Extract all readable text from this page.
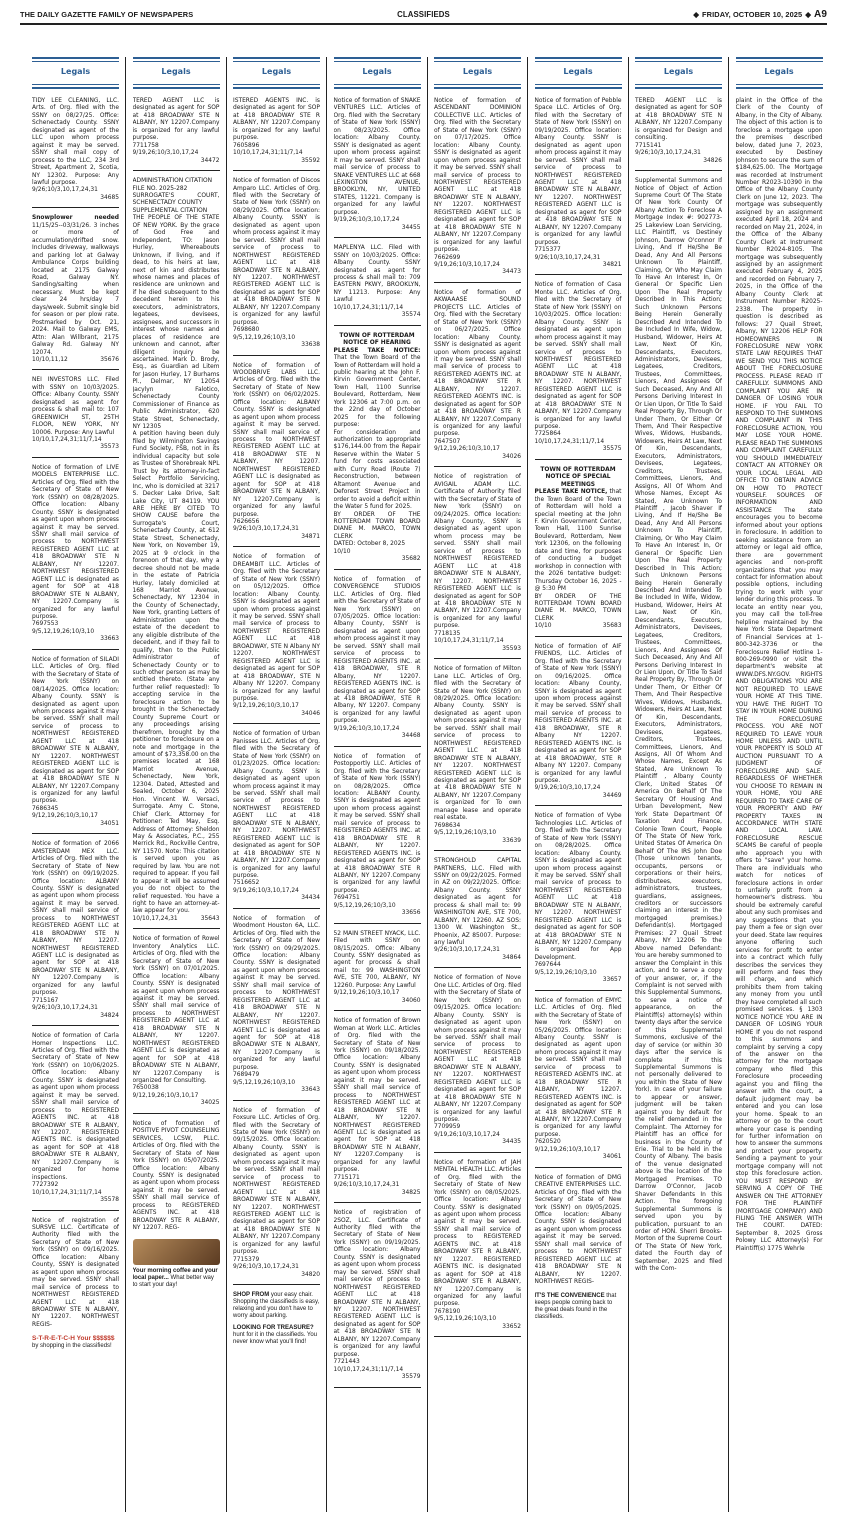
THE DAILY GAZETTE FAMILY OF NEWSPAPERS	CLASSIFIEDS	◆ FRIDAY, OCTOBER 10, 2025 ◆ A9
Legals

TIDY LEE CLEANING, LLC. Arts. of Org. filed with the SSNY on 08/27/25. Office: Schenectady County. SSNY designated as agent of the LLC upon whom process against it may be served. SSNY shall mail copy of process to the LLC, 234 3rd Street, Apartment 2, Scotia, NY 12302. Purpose: Any lawful purpose.

9/26;10/3,10,17,24,31

34685

Snowplower needed 11/15/25--03/31/26. 3 inches or more of accumulation/drifted snow. Includes driveway, walkways and parking lot at Galway Ambulance Corps building located at 2175 Galway Road, Galway NY. Sanding/salting when necessary. Must be kept clear 24 hrs/day 7 days/week. Submit single bid for season or per plow rate. Postmarked by Oct. 21, 2024. Mail to Galway EMS, Attn: Alan Willbrant, 2175 Galway Rd. Galway NY 12074.

10/10,11,12	35676

NEI INVESTORS LLC. Filed with SSNY on 10/03/2025. Office: Albany County. SSNY designated as agent for process & shall mail to: 107 GREENWICH ST, 25TH FLOOR, NEW YORK, NY 10006. Purpose: Any Lawful

10/10,17,24,31;11/7,14

35573

Notice of formation of LIVE MODELS ENTERPRISE LLC. Articles of Org. filed with the Secretary of State of New York (SSNY) on 08/28/2025. Office location: Albany County. SSNY is designated as agent upon whom process against it may be served. SSNY shall mail service of process to NORTHWEST REGISTERED AGENT LLC at 418 BROADWAY STE N ALBANY, NY 12207. NORTHWEST REGISTERED AGENT LLC is designated as agent for SOP at 418 BROADWAY STE N ALBANY, NY 12207.Company is organized for any lawful purpose.

7697553

9/5,12,19,26;10/3,10

33663

Notice of formation of SILADI LLC. Articles of Org. filed with the Secretary of State of New York (SSNY) on 08/14/2025. Office location: Albany County. SSNY is designated as agent upon whom process against it may be served. SSNY shall mail service of process to NORTHWEST REGISTERED AGENT LLC at 418 BROADWAY STE N ALBANY, NY 12207. NORTHWEST REGISTERED AGENT LLC is designated as agent for SOP at 418 BROADWAY STE N ALBANY, NY 12207.Company is organized for any lawful purpose.

7686345

9/12,19,26;10/3,10,17

34051

Notice of formation of 2066 AMSTERDAM MEX LLC. Articles of Org. filed with the Secretary of State of New York (SSNY) on 09/19/2025. Office location: ALBANY County. SSNY is designated as agent upon whom process against it may be served. SSNY shall mail service of process to NORTHWEST REGISTERED AGENT LLC at 418 BROADWAY STE N ALBANY, NY 12207. NORTHWEST REGISTERED AGENT LLC is designated as agent for SOP at 418 BROADWAY STE N ALBANY, NY 12207.Company is organized for any lawful purpose.

7715167

9/26;10/3,10,17,24,31

34824

Notice of formation of Carla Homer Inspections LLC. Articles of Org. filed with the Secretary of State of New York (SSNY) on 10/06/2025. Office location: Albany County. SSNY is designated as agent upon whom process against it may be served. SSNY shall mail service of process to REGISTERED AGENTS INC. at 418 BROADWAY STE R ALBANY, NY 12207. REGISTERED AGENTS INC. is designated as agent for SOP at 418 BROADWAY STE R ALBANY, NY 12207.Company is organized for home inspections.

7727392

10/10,17,24,31;11/7,14

35578

Notice of registration of SURSVE LLC. Certificate of Authority filed with the Secretary of State of New York (SSNY) on 09/16/2025. Office location: Albany County, SSNY is designated as agent upon whom process may be served. SSNY shall mail service of process to NORTHWEST REGISTERED AGENT LLC at 418 BROADWAY STE N ALBANY, NY 12207. NORTHWEST REGIS-

S-T-R-E-T-C-H Your $$$$$$ by shopping in the classifieds!
Legals

TERED AGENT LLC is designated as agent for SOP at 418 BROADWAY STE N ALBANY, NY 12207.Company is organized for any lawful purpose.

7711758

9/19,26;10/3,10,17,24

34472

ADMINISTRATION CITATION

FILE NO. 2025-282

SURROGATE'S COURT, SCHENECTADY COUNTY

SUPPLEMENTAL CITATION

THE PEOPLE OF THE STATE OF NEW YORK. By the grace of God Free and Independent, TO: Jason Hurley, Whereabouts Unknown, if living, and if dead, to his heirs at law, next of kin and distributes whose names and places of residence are unknown and if he died subsequent to the decedent herein to his executors, administrators, legatees, devisees, assignees, and successors in interest whose names and places of residence are unknown and cannot, after diligent inquiry be ascertained. Mark D. Brody, Esq., as Guardian ad Litem for Jason Hurley, 17 Burhams Pl., Delmar, NY 12054 Jacylyn Falotico, Schenectady County Commissioner of Finance as Public Administrator, 620 State Street, Schenectady, NY 12305

A petition having been duly filed by Wilmington Savings Fund Society, FSB, not in its individual capacity but sole as Trustee of Shorebreak NPL Trust by its attorney-in-fact Select Portfolio Servicing, Inc, who is domiciled at 3217 S. Decker Lake Drive, Salt Lake City, UT 84119. YOU ARE HERE BY CITED TO SHOW CAUSE before the Surrogate's Court, Schenectady County, at 612 State Street, Schenectady, New York, on November 19, 2025 at 9 o'clock in the forenoon of that day, why a decree should not be made in the estate of Patricia Hurley, lately domiciled at 168 Marriot Avenue, Schenectady, NY 12304 in the County of Schenectady, New York, granting Letters of Administration upon the estate of the decedent to any eligible distribute of the decedent, and if they fail to qualify, then to the Public Administrator of Schenectady County or to such other person as may be entitled thereto. (State any further relief requested): To accepting service in the foreclosure action to be brought in the Schenectady County Supreme Court or any proceedings arising therefrom, brought by the petitioner to foreclosure on a note and mortgage in the amount of $73,358.00 on the premises located at 168 Marriot Avenue, Schenectady, New York, 12304. Dated, Attested and Sealed, October 6, 2025 Hon. Vincent W. Versaci, Surrogate. Amy C. Stone, Chief Clerk. Attorney for Petitioner: Ted May, Esq. Address of Attorney: Sheldon May & Associates, P.C., 255 Merrick Rd., Rockville Centre, NY 11570. Note: This citation is served upon you as required by law. You are not required to appear. If you fail to appear it will be assumed you do not object to the relief requested. You have a right to have an attorney-at-law appear for you.

10/10,17,24,31	35643

Notice of formation of Rowel Inventory Analytics LLC. Articles of Org. filed with the Secretary of State of New York (SSNY) on 07/01/2025. Office location: Albany County. SSNY is designated as agent upon whom process against it may be served. SSNY shall mail service of process to NORTHWEST REGISTERED AGENT LLC at 418 BROADWAY STE N ALBANY, NY 12207. NORTHWEST REGISTERED AGENT LLC is designated as agent for SOP at 418 BROADWAY STE N ALBANY, NY 12207.Company is organized for Consulting.

7650038

9/12,19,26;10/3,10,17

34025

Notice of formation of POSITIVE PIVOT COUNSELING SERVICES, LCSW, PLLC. Articles of Org. filed with the Secretary of State of New York (SSNY) on 05/07/2025. Office location: Albany County. SSNY is designated as agent upon whom process against it may be served. SSNY shall mail service of process to REGISTERED AGENTS INC. at 418 BROADWAY STE R ALBANY, NY 12207. REG-

Your morning coffee and your local paper... What better way to start your day!
Legals

ISTERED AGENTS INC. is designated as agent for SOP at 418 BROADWAY STE R ALBANY, NY 12207.Company is organized for any lawful purpose.

7605896

10/10,17,24,31;11/7,14

35592

Notice of formation of Discos Amparo LLC. Articles of Org. filed with the Secretary of State of New York (SSNY) on 08/29/2025. Office location: Albany County. SSNY is designated as agent upon whom process against it may be served. SSNY shall mail service of process to NORTHWEST REGISTERED AGENT LLC at 418 BROADWAY STE N ALBANY, NY 12207. NORTHWEST REGISTERED AGENT LLC is designated as agent for SOP at 418 BROADWAY STE N ALBANY, NY 12207.Company is organized for any lawful purpose.

7698680

9/5,12,19,26;10/3,10

33638

Notice of formation of WOODBRIVE LABS LLC. Articles of Org. filed with the Secretary of State of New York (SSNY) on 06/02/2025. Office location: ALBANY County. SSNY is designated as agent upon whom process against it may be served. SSNY shall mail service of process to NORTHWEST REGISTERED AGENT LLC at 418 BROADWAY STE N ALBANY, NY 12207. NORTHWEST REGISTERED AGENT LLC is designated as agent for SOP at 418 BROADWAY STE N ALBANY, NY 12207.Company is organized for any lawful purpose.

7626656

9/26;10/3,10,17,24,31

34871

Notice of formation of DREAMBIT LLC. Articles of Org. filed with the Secretary of State of New York (SSNY) on 05/12/2025. Office location: Albany County. SSNY is designated as agent upon whom process against it may be served. SSNY shall mail service of process to NORTHWEST REGISTERED AGENT LLC at 418 BROADWAY, STE N Albany NY 12207. NORTHWEST REGISTERED AGENT LLC is designated as agent for SOP at 418 BROADWAY, STE N Albany NY 12207. Company is organized for any lawful purpose.

9/12,19,26;10/3,10,17

34046

Notice of formation of Urban Panisses LLC. Articles of Org. filed with the Secretary of State of New York (SSNY) on 01/23/2025. Office location: Albany County. SSNY is designated as agent upon whom process against it may be served. SSNY shall mail service of process to NORTHWEST REGISTERED AGENT LLC at 418 BROADWAY STE N ALBANY, NY 12207. NORTHWEST REGISTERED AGENT LLC is designated as agent for SOP at 418 BROADWAY STE N ALBANY, NY 12207.Company is organized for any lawful purpose.

7516652

9/19,26;10/3,10,17,24

34434

Notice of formation of Woodmont Houston 6A, LLC. Articles of Org. filed with the Secretary of State of New York (SSNY) on 09/29/2025. Office location: Albany County. SSNY is designated as agent upon whom process against it may be served. SSNY shall mail service of process to NORTHWEST REGISTERED AGENT LLC at 418 BROADWAY STE N ALBANY, NY 12207. NORTHWEST REGISTERED AGENT LLC is designated as agent for SOP at 418 BROADWAY STE N ALBANY, NY 12207.Company is organized for any lawful purpose.

7689479

9/5,12,19,26;10/3,10

33643

Notice of formation of Foxsure LLC. Articles of Org. filed with the Secretary of State of New York (SSNY) on 09/15/2025. Office location: Albany County. SSNY is designated as agent upon whom process against it may be served. SSNY shall mail service of process to NORTHWEST REGISTERED AGENT LLC at 418 BROADWAY STE N ALBANY, NY 12207. NORTHWEST REGISTERED AGENT LLC is designated as agent for SOP at 418 BROADWAY STE N ALBANY, NY 12207.Company is organized for any lawful purpose.

7715379

9/26;10/3,10,17,24,31

34820

SHOP FROM your easy chair. Shopping the classifieds is easy, relaxing and you don't have to worry about parking.
LOOKING FOR TREASURE? hunt for it in the classifieds. You never know what you'll find!
Legals

Notice of formation of SNAKE VENTURES LLC. Articles of Org. filed with the Secretary of State of New York (SSNY) on 08/23/2025. Office location: Albany County. SSNY is designated as agent upon whom process against it may be served. SSNY shall mail service of process to SNAKE VENTURES LLC at 668 LEXINGTON AVENUE, BROOKLYN, NY, UNITED STATES, 11221. Company is organized for any lawful purpose.

9/19,26;10/3,10,17,24

34455

MAPLENYA LLC. Filed with SSNY on 10/03/2025. Office: Albany County. SSNY designated as agent for process & shall mail to: 709 EASTERN PKWY, BROOKLYN, NY 11213. Purpose: Any Lawful

10/10,17,24,31;11/7,14

35574

TOWN OF ROTTERDAM NOTICE OF HEARING

PLEASE TAKE NOTICE: That the Town Board of the Town of Rotterdam will hold a public hearing at the John F. Kirvin Government Center, Town Hall, 1100 Sunrise Boulevard, Rotterdam, New York 12306 at 7:00 p.m. on the 22nd day of October 2025 for the following purpose:

For consideration and authorization to appropriate $176,144.00 from the Repair Reserve within the Water 5 fund for costs associated with Curry Road (Route 7) Reconstruction, between Altamont Avenue and Deforest Street Project in order to avoid a deficit within the Water 5 fund for 2025.

BY ORDER OF THE ROTTERDAM TOWN BOARD DIANE M. MARCO, TOWN CLERK

DATED: October 8, 2025

10/10

35682

Notice of formation of CONVERGENCE STUDIOS LLC. Articles of Org. filed with the Secretary of State of New York (SSNY) on 07/05/2025. Office location: Albany County, SSNY is designated as agent upon whom process against it may be served. SSNY shall mail service of process to REGISTERED AGENTS INC. at 418 BROADWAY, STE R Albany, NY 12207. REGISTERED AGENTS INC. is designated as agent for SOP at 418 BROADWAY, STE R Albany, NY 12207. Company is organized for any lawful purpose.

9/19,26;10/3,10,17,24

34468

Notice of formation of Postopportly LLC. Articles of Org. filed with the Secretary of State of New York (SSNY) on 08/28/2025. Office location: ALBANY County. SSNY is designated as agent upon whom process against it may be served. SSNY shall mail service of process to REGISTERED AGENTS INC. at 418 BROADWAY STE R ALBANY, NY 12207. REGISTERED AGENTS INC. is designated as agent for SOP at 418 BROADWAY STE R ALBANY, NY 12207.Company is organized for any lawful purpose.

7694751

9/5,12,19,26;10/3,10

33656

52 MAIN STREET NYACK, LLC. Filed with SSNY on 08/15/2025. Office: Albany County. SSNY designated as agent for process & shall mail to: 99 WASHINGTON AVE, STE 700, ALBANY, NY 12260. Purpose: Any Lawful

9/12,19,26;10/3,10,17

34060

Notice of formation of Brown Woman at Work LLC. Articles of Org. filed with the Secretary of State of New York (SSNY) on 09/18/2025. Office location: Albany County. SSNY is designated as agent upon whom process against it may be served. SSNY shall mail service of process to NORTHWEST REGISTERED AGENT LLC at 418 BROADWAY STE N ALBANY, NY 12207. NORTHWEST REGISTERED AGENT LLC is designated as agent for SOP at 418 BROADWAY STE N ALBANY, NY 12207.Company is organized for any lawful purpose.

7715171

9/26;10/3,10,17,24,31

34825

Notice of registration of 2SOZ, LLC. Certificate of Authority filed with the Secretary of State of New York (SSNY) on 09/19/2025. Office location: Albany County. SSNY is designated as agent upon whom process may be served. SSNY shall mail service of process to NORTHWEST REGISTERED AGENT LLC at 418 BROADWAY STE N ALBANY, NY 12207. NORTHWEST REGISTERED AGENT LLC is designated as agent for SOP at 418 BROADWAY STE N ALBANY, NY 12207.Company is organized for any lawful purpose.

7721443

10/10,17,24,31;11/7,14

35579

Legals

Notice of formation of ASCENDANT DOMINION COLLECTIVE LLC. Articles of Org. filed with the Secretary of State of New York (SSNY) on 07/17/2025. Office location: Albany County. SSNY is designated as agent upon whom process against it may be served. SSNY shall mail service of process to NORTHWEST REGISTERED AGENT LLC at 418 BROADWAY STE N ALBANY, NY 12207. NORTHWEST REGISTERED AGENT LLC is designated as agent for SOP at 418 BROADWAY STE N ALBANY, NY 12207.Company is organized for any lawful purpose.

7662699

9/19,26;10/3,10,17,24

34473

Notice of formation of AKWAAASE SOUND PROJECTS LLC. Articles of Org. filed with the Secretary of State of New York (SSNY) on 06/27/2025. Office location: Albany County. SSNY is designated as agent upon whom process against it may be served. SSNY shall mail service of process to REGISTERED AGENTS INC. at 418 BROADWAY STE R ALBANY, NY 12207. REGISTERED AGENTS INC. is designated as agent for SOP at 418 BROADWAY STE R ALBANY, NY 12207.Company is organized for any lawful purpose.

7647507

9/12,19,26;10/3,10,17

34026

Notice of registration of AVIGAIL ADAM LLC. Certificate of Authority filed with the Secretary of State of New York (SSNY) on 09/24/2025. Office location: Albany County, SSNY is designated as agent upon whom process may be served. SSNY shall mail service of process to NORTHWEST REGISTERED AGENT LLC at 418 BROADWAY STE N ALBANY, NY 12207. NORTHWEST REGISTERED AGENT LLC is designated as agent for SOP at 418 BROADWAY STE N ALBANY, NY 12207.Company is organized for any lawful purpose.

7718135

10/10,17,24,31;11/7,14

35593

Notice of formation of Milton Lane LLC. Articles of Org. filed with the Secretary of State of New York (SSNY) on 08/29/2025. Office location: Albany County. SSNY is designated as agent upon whom process against it may be served. SSNY shall mail service of process to NORTHWEST REGISTERED AGENT LLC at 418 BROADWAY STE N ALBANY, NY 12207. NORTHWEST REGISTERED AGENT LLC is designated as agent for SOP at 418 BROADWAY STE N ALBANY, NY 12207.Company is organized for To own manage lease and operate real estate.

7698634

9/5,12,19,26;10/3,10

33639

STRONGHOLD CAPITAL PARTNERS, LLC. Filed with SSNY on 09/22/2025. Formed in AZ on 09/22/2025. Office: Albany County. SSNY designated as agent for process & shall mail to: 99 WASHINGTON AVE, STE 700, ALBANY, NY 12260. AZ SOS: 1300 W. Washington St., Phoenix, AZ 85007. Purpose: any lawful

9/26;10/3,10,17,24,31

34864

Notice of formation of Nove One LLC. Articles of Org. filed with the Secretary of State of New York (SSNY) on 09/15/2025. Office location: Albany County. SSNY is designated as agent upon whom process against it may be served. SSNY shall mail service of process to NORTHWEST REGISTERED AGENT LLC at 418 BROADWAY STE N ALBANY, NY 12207. NORTHWEST REGISTERED AGENT LLC is designated as agent for SOP at 418 BROADWAY STE N ALBANY, NY 12207.Company is organized for any lawful purpose.

7709959

9/19,26;10/3,10,17,24

34435

Notice of formation of JAH MENTAL HEALTH LLC. Articles of Org. filed with the Secretary of State of New York (SSNY) on 08/05/2025. Office location: Albany County. SSNY is designated as agent upon whom process against it may be served. SSNY shall mail service of process to REGISTERED AGENTS INC. at 418 BROADWAY STE R ALBANY, NY 12207. REGISTERED AGENTS INC. is designated as agent for SOP at 418 BROADWAY STE R ALBANY, NY 12207.Company is organized for any lawful purpose.

7678190

9/5,12,19,26;10/3,10

33652

Legals

Notice of formation of Pebble Space LLC. Articles of Org. filed with the Secretary of State of New York (SSNY) on 09/19/2025. Office location: Albany County. SSNY is designated as agent upon whom process against it may be served. SSNY shall mail service of process to NORTHWEST REGISTERED AGENT LLC at 418 BROADWAY STE N ALBANY, NY 12207. NORTHWEST REGISTERED AGENT LLC is designated as agent for SOP at 418 BROADWAY STE N ALBANY, NY 12207.Company is organized for any lawful purpose.

7715377

9/26;10/3,10,17,24,31

34821

Notice of formation of Casa Monte LLC. Articles of Org. filed with the Secretary of State of New York (SSNY) on 10/03/2025. Office location: Albany County. SSNY is designated as agent upon whom process against it may be served. SSNY shall mail service of process to NORTHWEST REGISTERED AGENT LLC at 418 BROADWAY STE N ALBANY, NY 12207. NORTHWEST REGISTERED AGENT LLC is designated as agent for SOP at 418 BROADWAY STE N ALBANY, NY 12207.Company is organized for any lawful purpose.

7725864

10/10,17,24,31;11/7,14

35575

TOWN OF ROTTERDAM NOTICE OF SPECIAL MEETINGS

PLEASE TAKE NOTICE, that the Town Board of the Town of Rotterdam will hold a special meeting at the John F. Kirvin Government Center, Town Hall, 1100 Sunrise Boulevard, Rotterdam, New York 12306, on the following date and time, for purposes of conducting a budget workshop in connection with the 2026 tentative budget: Thursday October 16, 2025 - @ 5:30 PM

BY ORDER OF THE ROTTERDAM TOWN BOARD DIANE M. MARCO, TOWN CLERK

10/10	35683

Notice of formation of AIF FRIENDS, LLC. Articles of Org. filed with the Secretary of State of New York (SSNY) on 09/16/2025. Office location: Albany County, SSNY is designated as agent upon whom process against it may be served. SSNY shall mail service of process to REGISTERED AGENTS INC. at 418 BROADWAY, STE R Albany NY 12207. REGISTERED AGENTS INC. is designated as agent for SOP at 418 BROADWAY, STE R Albany NY 12207. Company is organized for any lawful purpose.

9/19,26;10/3,10,17,24

34469

Notice of formation of Vybe Technologies LLC. Articles of Org. filed with the Secretary of State of New York (SSNY) on 08/28/2025. Office location: Albany County. SSNY is designated as agent upon whom process against it may be served. SSNY shall mail service of process to NORTHWEST REGISTERED AGENT LLC at 418 BROADWAY STE N ALBANY, NY 12207. NORTHWEST REGISTERED AGENT LLC is designated as agent for SOP at 418 BROADWAY STE N ALBANY, NY 12207.Company is organized for App Development.

7697644

9/5,12,19,26;10/3,10

33657

Notice of formation of EMYC LLC. Articles of Org. filed with the Secretary of State of New York (SSNY) on 05/26/2025. Office location: Albany County. SSNY is designated as agent upon whom process against it may be served. SSNY shall mail service of process to REGISTERED AGENTS INC. at 418 BROADWAY STE R ALBANY, NY 12207. REGISTERED AGENTS INC. is designated as agent for SOP at 418 BROADWAY STE R ALBANY, NY 12207.Company is organized for any lawful purpose.

7620520

9/12,19,26;10/3,10,17

34061

Notice of formation of DMG CREATIVE ENTERPRISES LLC. Articles of Org. filed with the Secretary of State of New York (SSNY) on 09/05/2025. Office location: Albany County. SSNY is designated as agent upon whom process against it may be served. SSNY shall mail service of process to NORTHWEST REGISTERED AGENT LLC at 418 BROADWAY STE N ALBANY, NY 12207. NORTHWEST REGIS-

IT'S THE CONVENIENCE that keeps people coming back to the great deals found in the classifieds.
Legals

TERED AGENT LLC is designated as agent for SOP at 418 BROADWAY STE N ALBANY, NY 12207.Company is organized for Design and consulting.

7715141

9/26;10/3,10,17,24,31

34826

Supplemental Summons and Notice of Object of Action Supreme Court Of The State Of New York County Of Albany Action To Foreclose A Mortgage Index #: 902773-25 Lakeview Loan Servicing, LLC Plaintiff, vs Destiney Johnson, Darrow O'connor If Living, And If He/She Be Dead, Any And All Persons Unknown To Plaintiff, Claiming, Or Who May Claim To Have An Interest In, Or General Or Specific Lien Upon The Real Property Described In This Action; Such Unknown Persons Being Herein Generally Described And Intended To Be Included In Wife, Widow, Husband, Widower, Heirs At Law, Next Of Kin, Descendants, Executors, Administrators, Devisees, Legatees, Creditors, Trustees, Committees, Lienors, And Assignees Of Such Deceased, Any And All Persons Deriving Interest In Or Lien Upon, Or Title To Said Real Property By, Through Or Under Them, Or Either Of Them, And Their Respective Wives, Widows, Husbands, Widowers, Heirs At Law, Next Of Kin, Descendants, Executors, Administrators, Devisees, Legatees, Creditors, Trustees, Committees, Lienors, And Assigns, All Of Whom And Whose Names, Except As Stated, Are Unknown To Plaintiff , Jacob Shaver If Living, And If He/She Be Dead, Any And All Persons Unknown To Plaintiff, Claiming, Or Who May Claim To Have An Interest In, Or General Or Specific Lien Upon The Real Property Described In This Action; Such Unknown Persons Being Herein Generally Described And Intended To Be Included In Wife, Widow, Husband, Widower, Heirs At Law, Next Of Kin, Descendants, Executors, Administrators, Devisees, Legatees, Creditors, Trustees, Committees, Lienors, And Assignees Of Such Deceased, Any And All Persons Deriving Interest In Or Lien Upon, Or Title To Said Real Property By, Through Or Under Them, Or Either Of Them, And Their Respective Wives, Widows, Husbands, Widowers, Heirs At Law, Next Of Kin, Descendants, Executors, Administrators, Devisees, Legatees, Creditors, Trustees, Committees, Lienors, And Assigns, All Of Whom And Whose Names, Except As Stated, Are Unknown To Plaintiff , Albany County Clerk, United States Of America On Behalf Of The Secretary Of Housing And Urban Development, New York State Department Of Taxation And Finance, Colonie Town Court, People Of The State Of New York, United States Of America On Behalf Of The IRS John Doe (Those unknown tenants, occupants, persons or corporations or their heirs, distributees, executors, administrators, trustees, guardians, assignees, creditors or successors claiming an interest in the mortgaged premises.) Defendant(s). Mortgaged Premises: 27 Quail Street Albany, NY 12206 To the Above named Defendant: You are hereby summoned to answer the Complaint in this action, and to serve a copy of your answer, or, if the Complaint is not served with this Supplemental Summons, to serve a notice of appearance, on the Plaintiff(s) attorney(s) within twenty days after the service of this Supplemental Summons, exclusive of the day of service (or within 30 days after the service is complete if this Supplemental Summons is not personally delivered to you within the State of New York). In case of your failure to appear or answer, judgment will be taken against you by default for the relief demanded in the Complaint. The Attorney for Plaintiff has an office for business in the County of Erie. Trial to be held in the County of Albany. The basis of the venue designated above is the location of the Mortgaged Premises. TO Darrow O'Connor, Jacob Shaver Defendants In this Action. The foregoing Supplemental Summons is served upon you by publication, pursuant to an order of HON. Sherri Brooks-Morton of the Supreme Court Of The State Of New York, dated the Fourth day of September, 2025 and filed with the Com-

Legals

plaint in the Office of the Clerk of the County of Albany, in the City of Albany. The object of this action is to foreclose a mortgage upon the premises described below, dated June 7, 2023, executed by Destiney Johnson to secure the sum of $184,625.00. The Mortgage was recorded at Instrument Number R2023-10390 in the Office of the Albany County Clerk on June 12, 2023. The mortgage was subsequently assigned by an assignment executed April 18, 2024 and recorded on May 21, 2024, in the Office of the Albany County Clerk at Instrument Number R2024-8105. The mortgage was subsequently assigned by an assignment executed February 4, 2025 and recorded on February 7, 2025, in the Office of the Albany County Clerk at Instrument Number R2025-2338. The property in question is described as follows: 27 Quail Street, Albany, NY 12206 HELP FOR HOMEOWNERS IN FORECLOSURE NEW YORK STATE LAW REQUIRES THAT WE SEND YOU THIS NOTICE ABOUT THE FORECLOSURE PROCESS. PLEASE READ IT CAREFULLY. SUMMONS AND COMPLAINT YOU ARE IN DANGER OF LOSING YOUR HOME. IF YOU FAIL TO RESPOND TO THE SUMMONS AND COMPLAINT IN THIS FORECLOSURE ACTION, YOU MAY LOSE YOUR HOME. PLEASE READ THE SUMMONS AND COMPLAINT CAREFULLY. YOU SHOULD IMMEDIATELY CONTACT AN ATTORNEY OR YOUR LOCAL LEGAL AID OFFICE TO OBTAIN ADVICE ON HOW TO PROTECT YOURSELF. SOURCES OF INFORMATION AND ASSISTANCE The state encourages you to become informed about your options in foreclosure. In addition to seeking assistance from an attorney or legal aid office, there are government agencies and non-profit organizations that you may contact for information about possible options, including trying to work with your lender during this process. To locate an entity near you, you may call the toll-free helpline maintained by the New York State Department of Financial Services at 1-800-342-3736 or the Foreclosure Relief Hotline 1-800-269-0990 or visit the department's website at WWW.DFS.NY.GOV. RIGHTS AND OBLIGATIONS YOU ARE NOT REQUIRED TO LEAVE YOUR HOME AT THIS TIME. YOU HAVE THE RIGHT TO STAY IN YOUR HOME DURING THE FORECLOSURE PROCESS. YOU ARE NOT REQUIRED TO LEAVE YOUR HOME UNLESS AND UNTIL YOUR PROPERTY IS SOLD AT AUCTION PURSUANT TO A JUDGMENT OF FORECLOSURE AND SALE. REGARDLESS OF WHETHER YOU CHOOSE TO REMAIN IN YOUR HOME, YOU ARE REQUIRED TO TAKE CARE OF YOUR PROPERTY AND PAY PROPERTY TAXES IN ACCORDANCE WITH STATE AND LOCAL LAW. FORECLOSURE RESCUE SCAMS Be careful of people who approach you with offers to "save" your home. There are individuals who watch for notices of foreclosure actions in order to unfairly profit from a homeowner's distress. You should be extremely careful about any such promises and any suggestions that you pay them a fee or sign over your deed. State law requires anyone offering such services for profit to enter into a contract which fully describes the services they will perform and fees they will charge, and which prohibits them from taking any money from you until they have completed all such promised services. § 1303 NOTICE NOTICE YOU ARE IN DANGER OF LOSING YOUR HOME If you do not respond to this summons and complaint by serving a copy of the answer on the attorney for the mortgage company who filed this Foreclosure proceeding against you and filing the answer with the court, a default judgment may be entered and you can lose your home. Speak to an attorney or go to the court where your case is pending for further information on how to answer the summons and protect your property. Sending a payment to your mortgage company will not stop this foreclosure action. YOU MUST RESPOND BY SERVING A COPY OF THE ANSWER ON THE ATTORNEY FOR THE PLAINTIFF (MORTGAGE COMPANY) AND FILING THE ANSWER WITH THE COURT. DATED: September 8, 2025 Gross Polowy LLC Attorney(s) For Plaintiff(s) 1775 Wehrle
